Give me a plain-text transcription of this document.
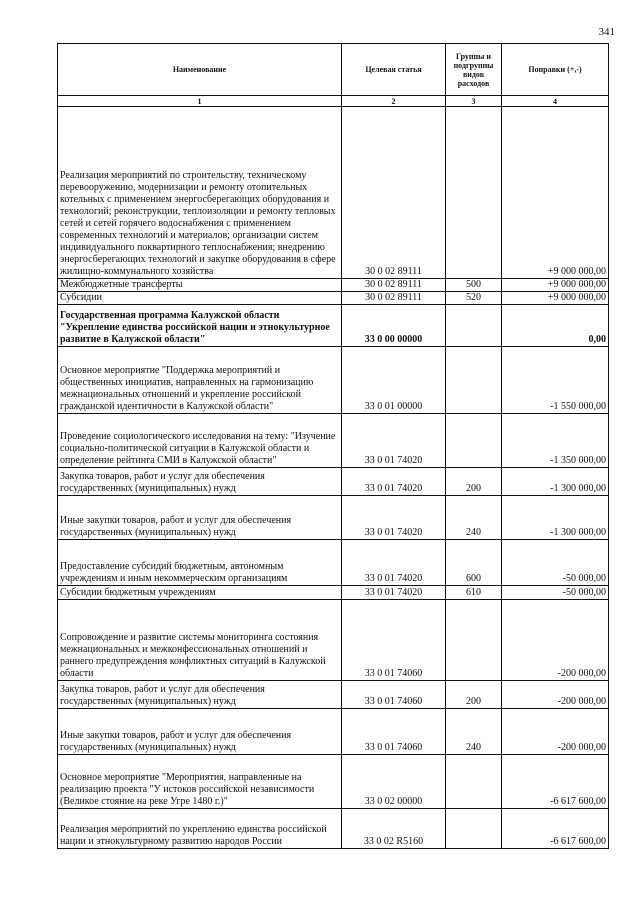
341
Наименование	Целевая статья	Группы и подгруппы видов расходов	Поправки (+,-)
1	2	3	4
Реализация мероприятий по строительству, техническому перевооружению, модернизации и ремонту отопительных котельных с применением энергосберегающих оборудования и технологий; реконструкции, теплоизоляции и ремонту тепловых сетей и сетей горячего водоснабжения с применением современных технологий и материалов; организации систем индивидуального поквартирного теплоснабжения; внедрению энергосберегающих технологий и закупке оборудования в сфере жилищно-коммунального хозяйства	30 0 02 89111		+9 000 000,00
Межбюджетные трансферты	30 0 02 89111	500	+9 000 000,00
Субсидии	30 0 02 89111	520	+9 000 000,00
Государственная программа Калужской области "Укрепление единства российской нации и этнокультурное развитие в Калужской области"	33 0 00 00000		0,00
Основное мероприятие "Поддержка мероприятий и общественных инициатив, направленных на гармонизацию межнациональных отношений и укрепление российской гражданской идентичности в Калужской области"	33 0 01 00000		-1 550 000,00
Проведение социологического исследования на тему: "Изучение социально-политической ситуации в Калужской области и определение рейтинга СМИ в Калужской области"	33 0 01 74020		-1 350 000,00
Закупка товаров, работ и услуг для обеспечения государственных (муниципальных) нужд	33 0 01 74020	200	-1 300 000,00
Иные закупки товаров, работ и услуг для обеспечения государственных (муниципальных) нужд	33 0 01 74020	240	-1 300 000,00
Предоставление субсидий бюджетным, автономным учреждениям и иным некоммерческим организациям	33 0 01 74020	600	-50 000,00
Субсидии бюджетным учреждениям	33 0 01 74020	610	-50 000,00
Сопровождение и развитие системы мониторинга состояния межнациональных и межконфессиональных отношений и раннего предупреждения конфликтных ситуаций в Калужской области	33 0 01 74060		-200 000,00
Закупка товаров, работ и услуг для обеспечения государственных (муниципальных) нужд	33 0 01 74060	200	-200 000,00
Иные закупки товаров, работ и услуг для обеспечения государственных (муниципальных) нужд	33 0 01 74060	240	-200 000,00
Основное мероприятие "Мероприятия, направленные на реализацию проекта "У истоков российской независимости (Великое стояние на реке Угре 1480 г.)"	33 0 02 00000		-6 617 600,00
Реализация мероприятий по укреплению единства российской нации и этнокультурному развитию народов России	33 0 02 R5160		-6 617 600,00
